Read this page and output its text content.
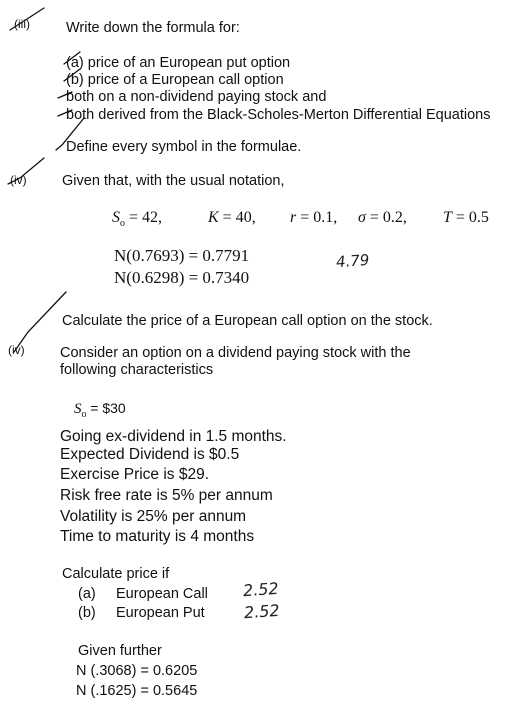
(iii) Write down the formula for:
(a) price of an European put option
(b) price of a European call option
both on a non-dividend paying stock and
both derived from the Black-Scholes-Merton Differential Equations
Define every symbol in the formulae.
(iv) Given that, with the usual notation,
$S_o = 42$,	K = 40, r = 0.1, σ = 0.2, T = 0.5
N(0.7693) = 0.7791
N(0.6298) = 0.7340
4.79
Calculate the price of a European call option on the stock.
(iv) Consider an option on a dividend paying stock with the
following characteristics
$S_o$ = $30
Going ex-dividend in 1.5 months.
Expected Dividend is $0.5
Exercise Price is $29.
Risk free rate is 5% per annum
Volatility is 25% per annum
Time to maturity is 4 months
Calculate price if
(a) European Call 2.52
(b) European Put 2.52
Given further
N (.3068) = 0.6205
N (.1625) = 0.5645
